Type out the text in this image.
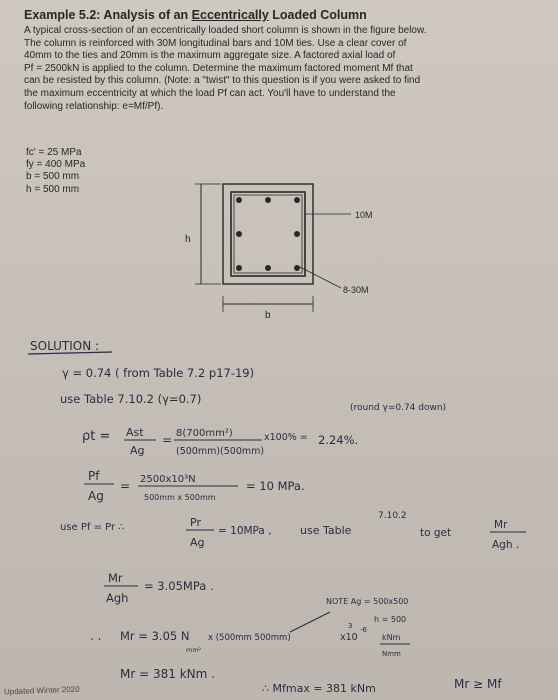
Example 5.2: Analysis of an Eccentrically Loaded Column

A typical cross-section of an eccentrically loaded short column is shown in the figure below.

The column is reinforced with 30M longitudinal bars and 10M ties. Use a clear cover of

40mm to the ties and 20mm is the maximum aggregate size. A factored axial load of

Pf = 2500kN is applied to the column. Determine the maximum factored moment Mf that

can be resisted by this column. (Note: a "twist" to this question is if you were asked to find

the maximum eccentricity at which the load Pf can act. You'll have to understand the

following relationship: e=Mf/Pf).

fc' = 25 MPa
fy = 400 MPa
b = 500 mm
h = 500 mm
h
b
10M
8-30M
SOLUTION :
γ = 0.74 ( from Table 7.2 p17-19)
use Table 7.10.2 (γ=0.7)
(round γ=0.74 down)
ρt = Ast
Ag
= 8(700mm²)
(500mm)(500mm)
x100% = 2.24%.
Pf
Ag
= 2500x10³N
500mm x 500mm
= 10 MPa.
use Pf = Pr ∴	Pr
Ag
= 10MPa ,	use Table
7.10.2
to get
Mr
Agh .
Mr
Agh
= 3.05MPa .
NOTE Ag = 500x500
h = 500
3
. . Mr = 3.05 N
mm²
x (500mm 500mm)	x10
-6
kNm
Nmm
Mr = 381 kNm .
∴ Mfmax = 381 kNm	Mr ≥ Mf
Updated Winter 2020
